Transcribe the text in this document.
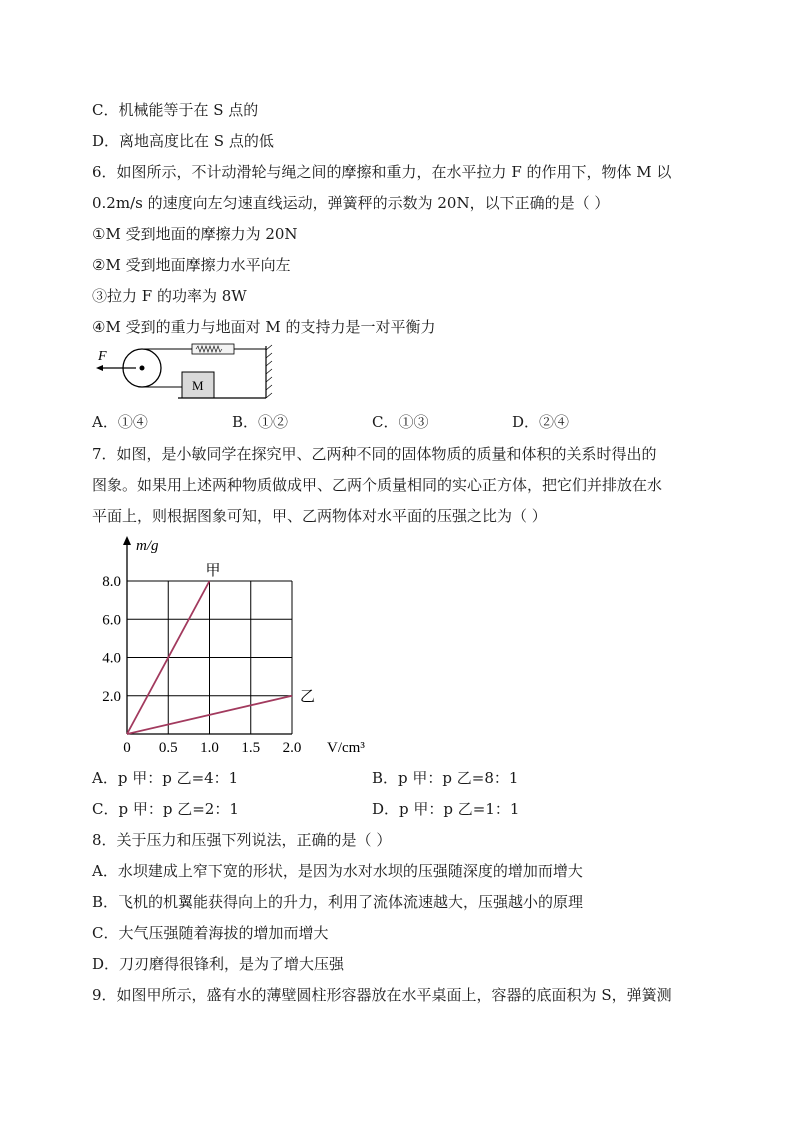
C．机械能等于在 S 点的
D．离地高度比在 S 点的低
6．如图所示，不计动滑轮与绳之间的摩擦和重力，在水平拉力 F 的作用下，物体 M 以
0.2m/s 的速度向左匀速直线运动，弹簧秤的示数为 20N，以下正确的是（ ）
①M 受到地面的摩擦力为 20N
②M 受到地面摩擦力水平向左
③拉力 F 的功率为 8W
④M 受到的重力与地面对 M 的支持力是一对平衡力
F
M
A．①④	B．①②	C．①③	D．②④
7．如图，是小敏同学在探究甲、乙两种不同的固体物质的质量和体积的关系时得出的
图象。如果用上述两种物质做成甲、乙两个质量相同的实心正方体，把它们并排放在水
平面上，则根据图象可知，甲、乙两物体对水平面的压强之比为（ ）
甲
乙
0 0.5 1.0 1.5 2.0
2.0
4.0
6.0
8.0
m/g
V/cm³
A．p 甲：p 乙=4：1	B．p 甲：p 乙=8：1
C．p 甲：p 乙=2：1	D．p 甲：p 乙=1：1
8．关于压力和压强下列说法，正确的是（ ）
A．水坝建成上窄下宽的形状，是因为水对水坝的压强随深度的增加而增大
B．飞机的机翼能获得向上的升力，利用了流体流速越大，压强越小的原理
C．大气压强随着海拔的增加而增大
D．刀刃磨得很锋利，是为了增大压强
9．如图甲所示，盛有水的薄壁圆柱形容器放在水平桌面上，容器的底面积为 S，弹簧测
